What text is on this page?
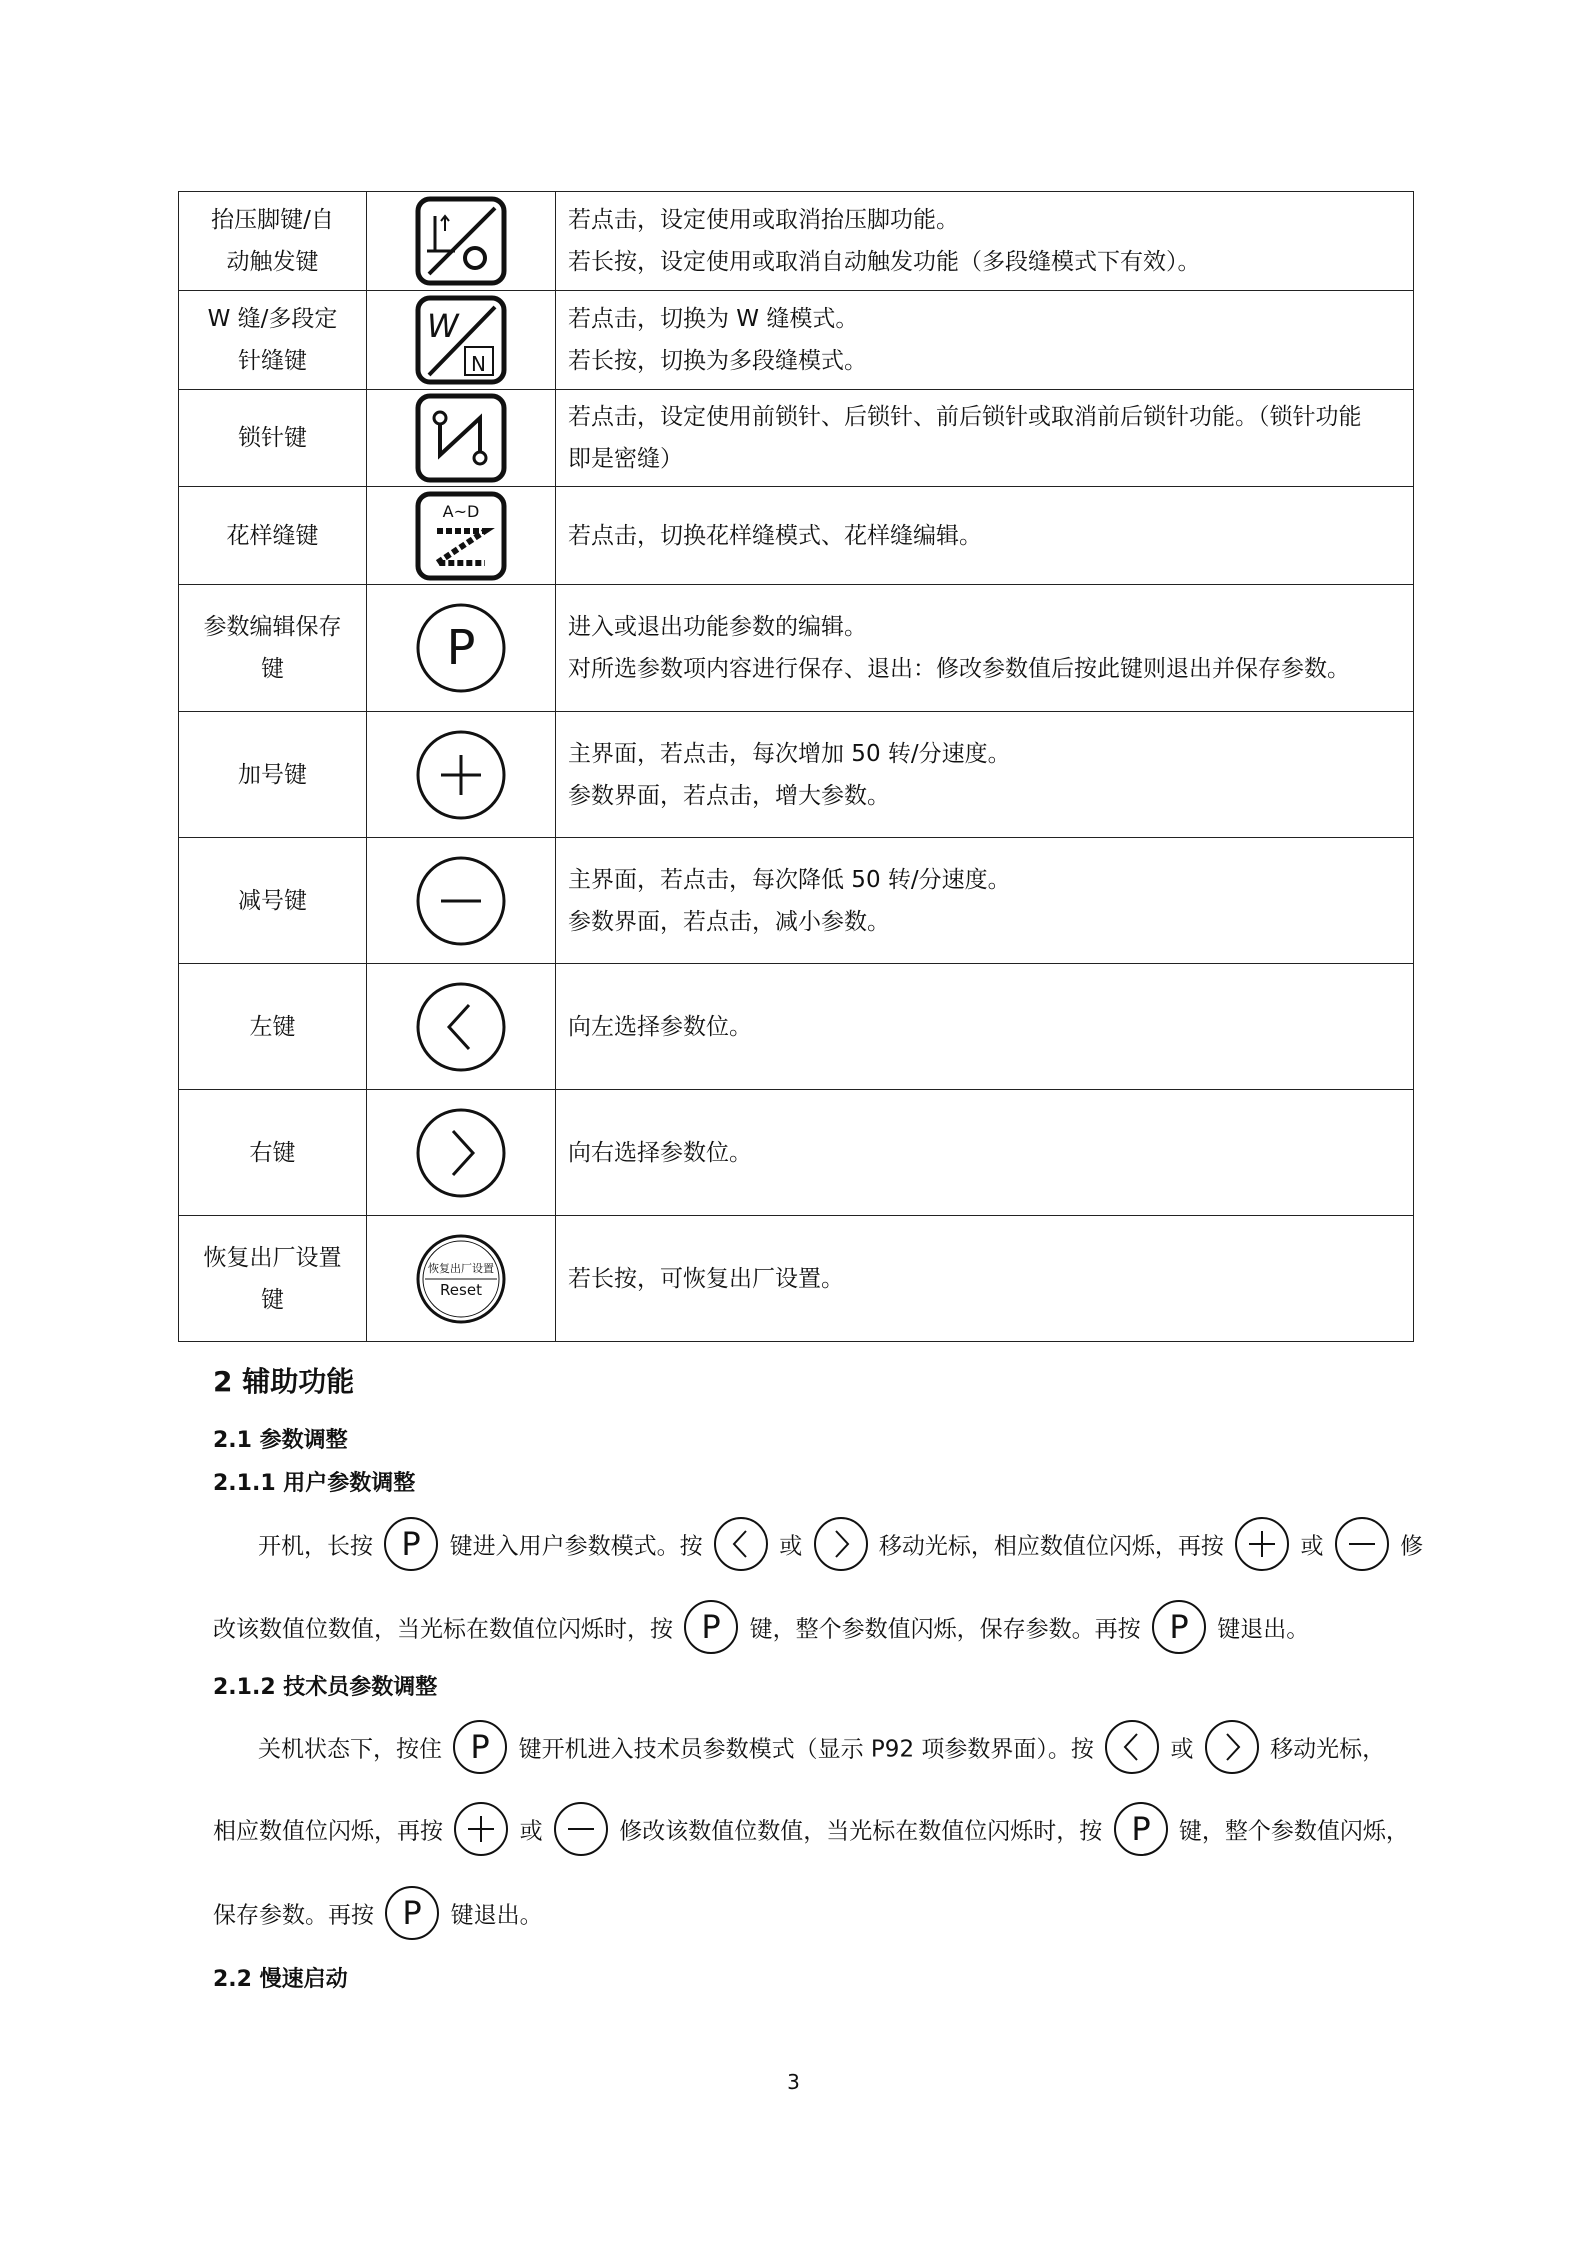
抬压脚键/自
动触发键		若点击，设定使用或取消抬压脚功能。
若长按，设定使用或取消自动触发功能（多段缝模式下有效）。

W 缝/多段定
针缝键	W
N	若点击，切换为 W 缝模式。
若长按，切换为多段缝模式。

锁针键		若点击，设定使用前锁针、后锁针、前后锁针或取消前后锁针功能。（锁针功能
即是密缝）

花样缝键	A~D	若点击，切换花样缝模式、花样缝编辑。

参数编辑保存
键	P	进入或退出功能参数的编辑。
对所选参数项内容进行保存、退出：修改参数值后按此键则退出并保存参数。

加号键		主界面，若点击，每次增加 50 转/分速度。
参数界面，若点击，增大参数。

减号键		主界面，若点击，每次降低 50 转/分速度。
参数界面，若点击，减小参数。

左键		向左选择参数位。

右键		向右选择参数位。

恢复出厂设置
键	恢复出厂设置
Reset	若长按，可恢复出厂设置。
2 辅助功能
2.1 参数调整
2.1.1 用户参数调整
开机，长按 P 键进入用户参数模式。按	或	移动光标，相应数值位闪烁，再按	或	修
改该数值位数值，当光标在数值位闪烁时，按 P 键，整个参数值闪烁，保存参数。再按 P 键退出。
2.1.2 技术员参数调整
关机状态下，按住 P 键开机进入技术员参数模式（显示 P92 项参数界面）。按	或	移动光标，
相应数值位闪烁，再按	或	修改该数值位数值，当光标在数值位闪烁时，按 P 键，整个参数值闪烁，
保存参数。再按 P 键退出。
2.2 慢速启动
3
